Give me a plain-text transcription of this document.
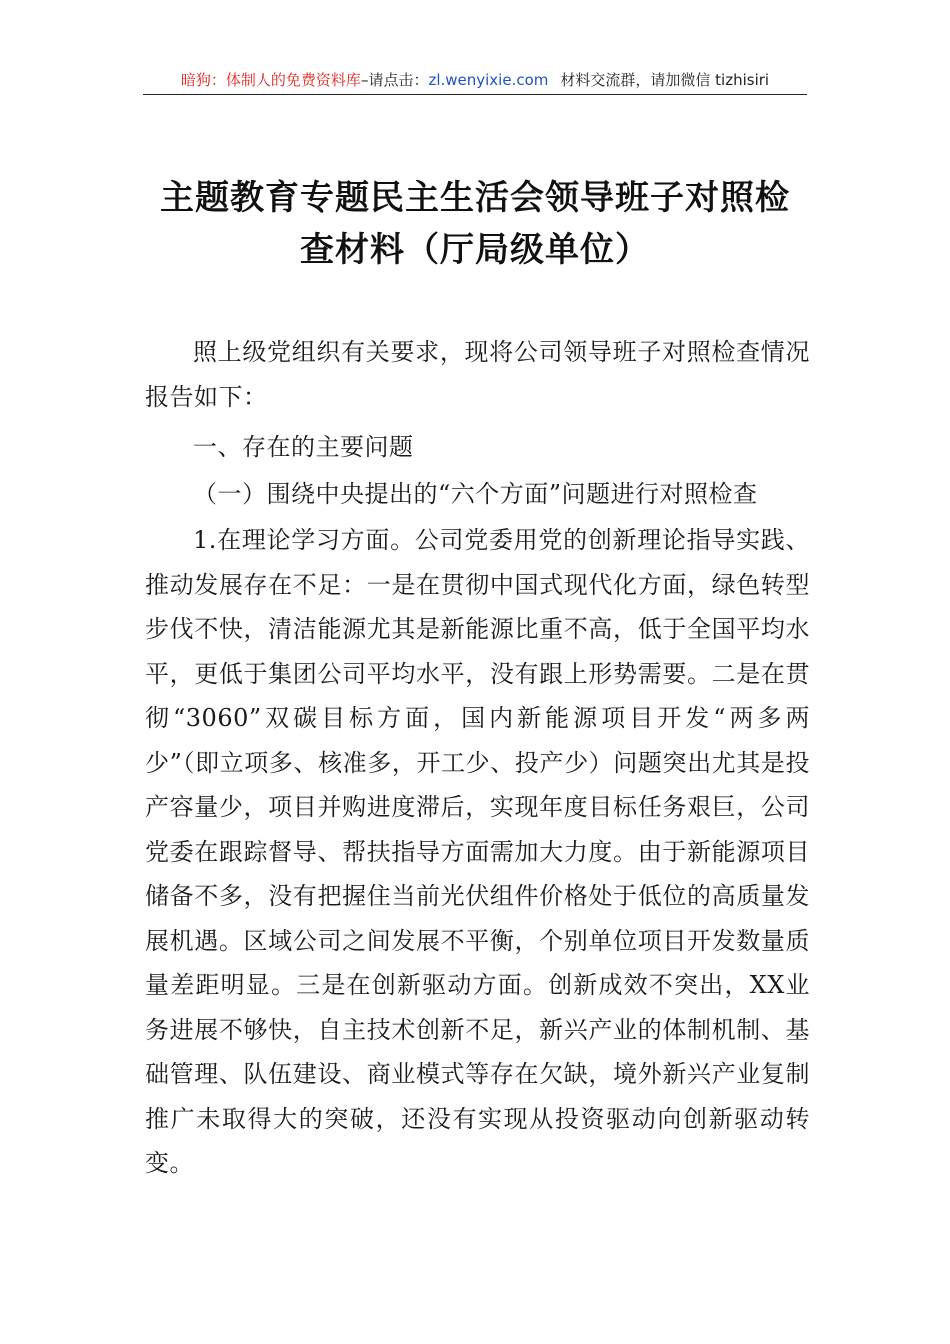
暗狗：体制人的免费资料库–请点击：zl.wenyixie.com 材料交流群，请加微信 tizhisiri
主题教育专题民主生活会领导班子对照检
查材料（厅局级单位）

照上级党组织有关要求，现将公司领导班子对照检查情况报告如下：

一、存在的主要问题

（一）围绕中央提出的“六个方面”问题进行对照检查

1.在理论学习方面。公司党委用党的创新理论指导实践、推动发展存在不足：一是在贯彻中国式现代化方面，绿色转型步伐不快，清洁能源尤其是新能源比重不高，低于全国平均水平，更低于集团公司平均水平，没有跟上形势需要。二是在贯彻“3060”双碳目标方面，国内新能源项目开发“两多两少”（即立项多、核准多，开工少、投产少）问题突出尤其是投产容量少，项目并购进度滞后，实现年度目标任务艰巨，公司党委在跟踪督导、帮扶指导方面需加大力度。由于新能源项目储备不多，没有把握住当前光伏组件价格处于低位的高质量发展机遇。区域公司之间发展不平衡，个别单位项目开发数量质量差距明显。三是在创新驱动方面。创新成效不突出，XX业务进展不够快，自主技术创新不足，新兴产业的体制机制、基础管理、队伍建设、商业模式等存在欠缺，境外新兴产业复制推广未取得大的突破，还没有实现从投资驱动向创新驱动转变。
